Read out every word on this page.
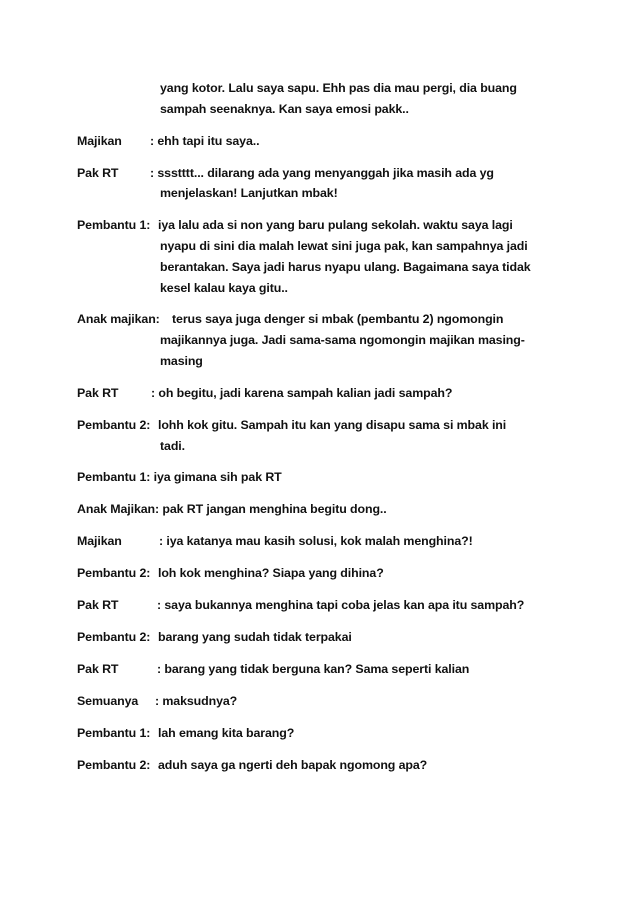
yang kotor. Lalu saya sapu. Ehh pas dia mau pergi, dia buang
sampah seenaknya. Kan saya emosi pakk..
Majikan : ehh tapi itu saya..
Pak RT	: ssstttt... dilarang ada yang menyanggah jika masih ada yg
menjelaskan! Lanjutkan mbak!
Pembantu 1: iya lalu ada si non yang baru pulang sekolah. waktu saya lagi
nyapu di sini dia malah lewat sini juga pak, kan sampahnya jadi
berantakan. Saya jadi harus nyapu ulang. Bagaimana saya tidak
kesel kalau kaya gitu..
Anak majikan: terus saya juga denger si mbak (pembantu 2) ngomongin
majikannya juga. Jadi sama-sama ngomongin majikan masing-
masing
Pak RT	: oh begitu, jadi karena sampah kalian jadi sampah?
Pembantu 2: lohh kok gitu. Sampah itu kan yang disapu sama si mbak ini
tadi.
Pembantu 1: iya gimana sih pak RT
Anak Majikan: pak RT jangan menghina begitu dong..
Majikan	: iya katanya mau kasih solusi, kok malah menghina?!
Pembantu 2: loh kok menghina? Siapa yang dihina?
Pak RT	: saya bukannya menghina tapi coba jelas kan apa itu sampah?
Pembantu 2: barang yang sudah tidak terpakai
Pak RT	: barang yang tidak berguna kan? Sama seperti kalian
Semuanya : maksudnya?
Pembantu 1: lah emang kita barang?
Pembantu 2: aduh saya ga ngerti deh bapak ngomong apa?
